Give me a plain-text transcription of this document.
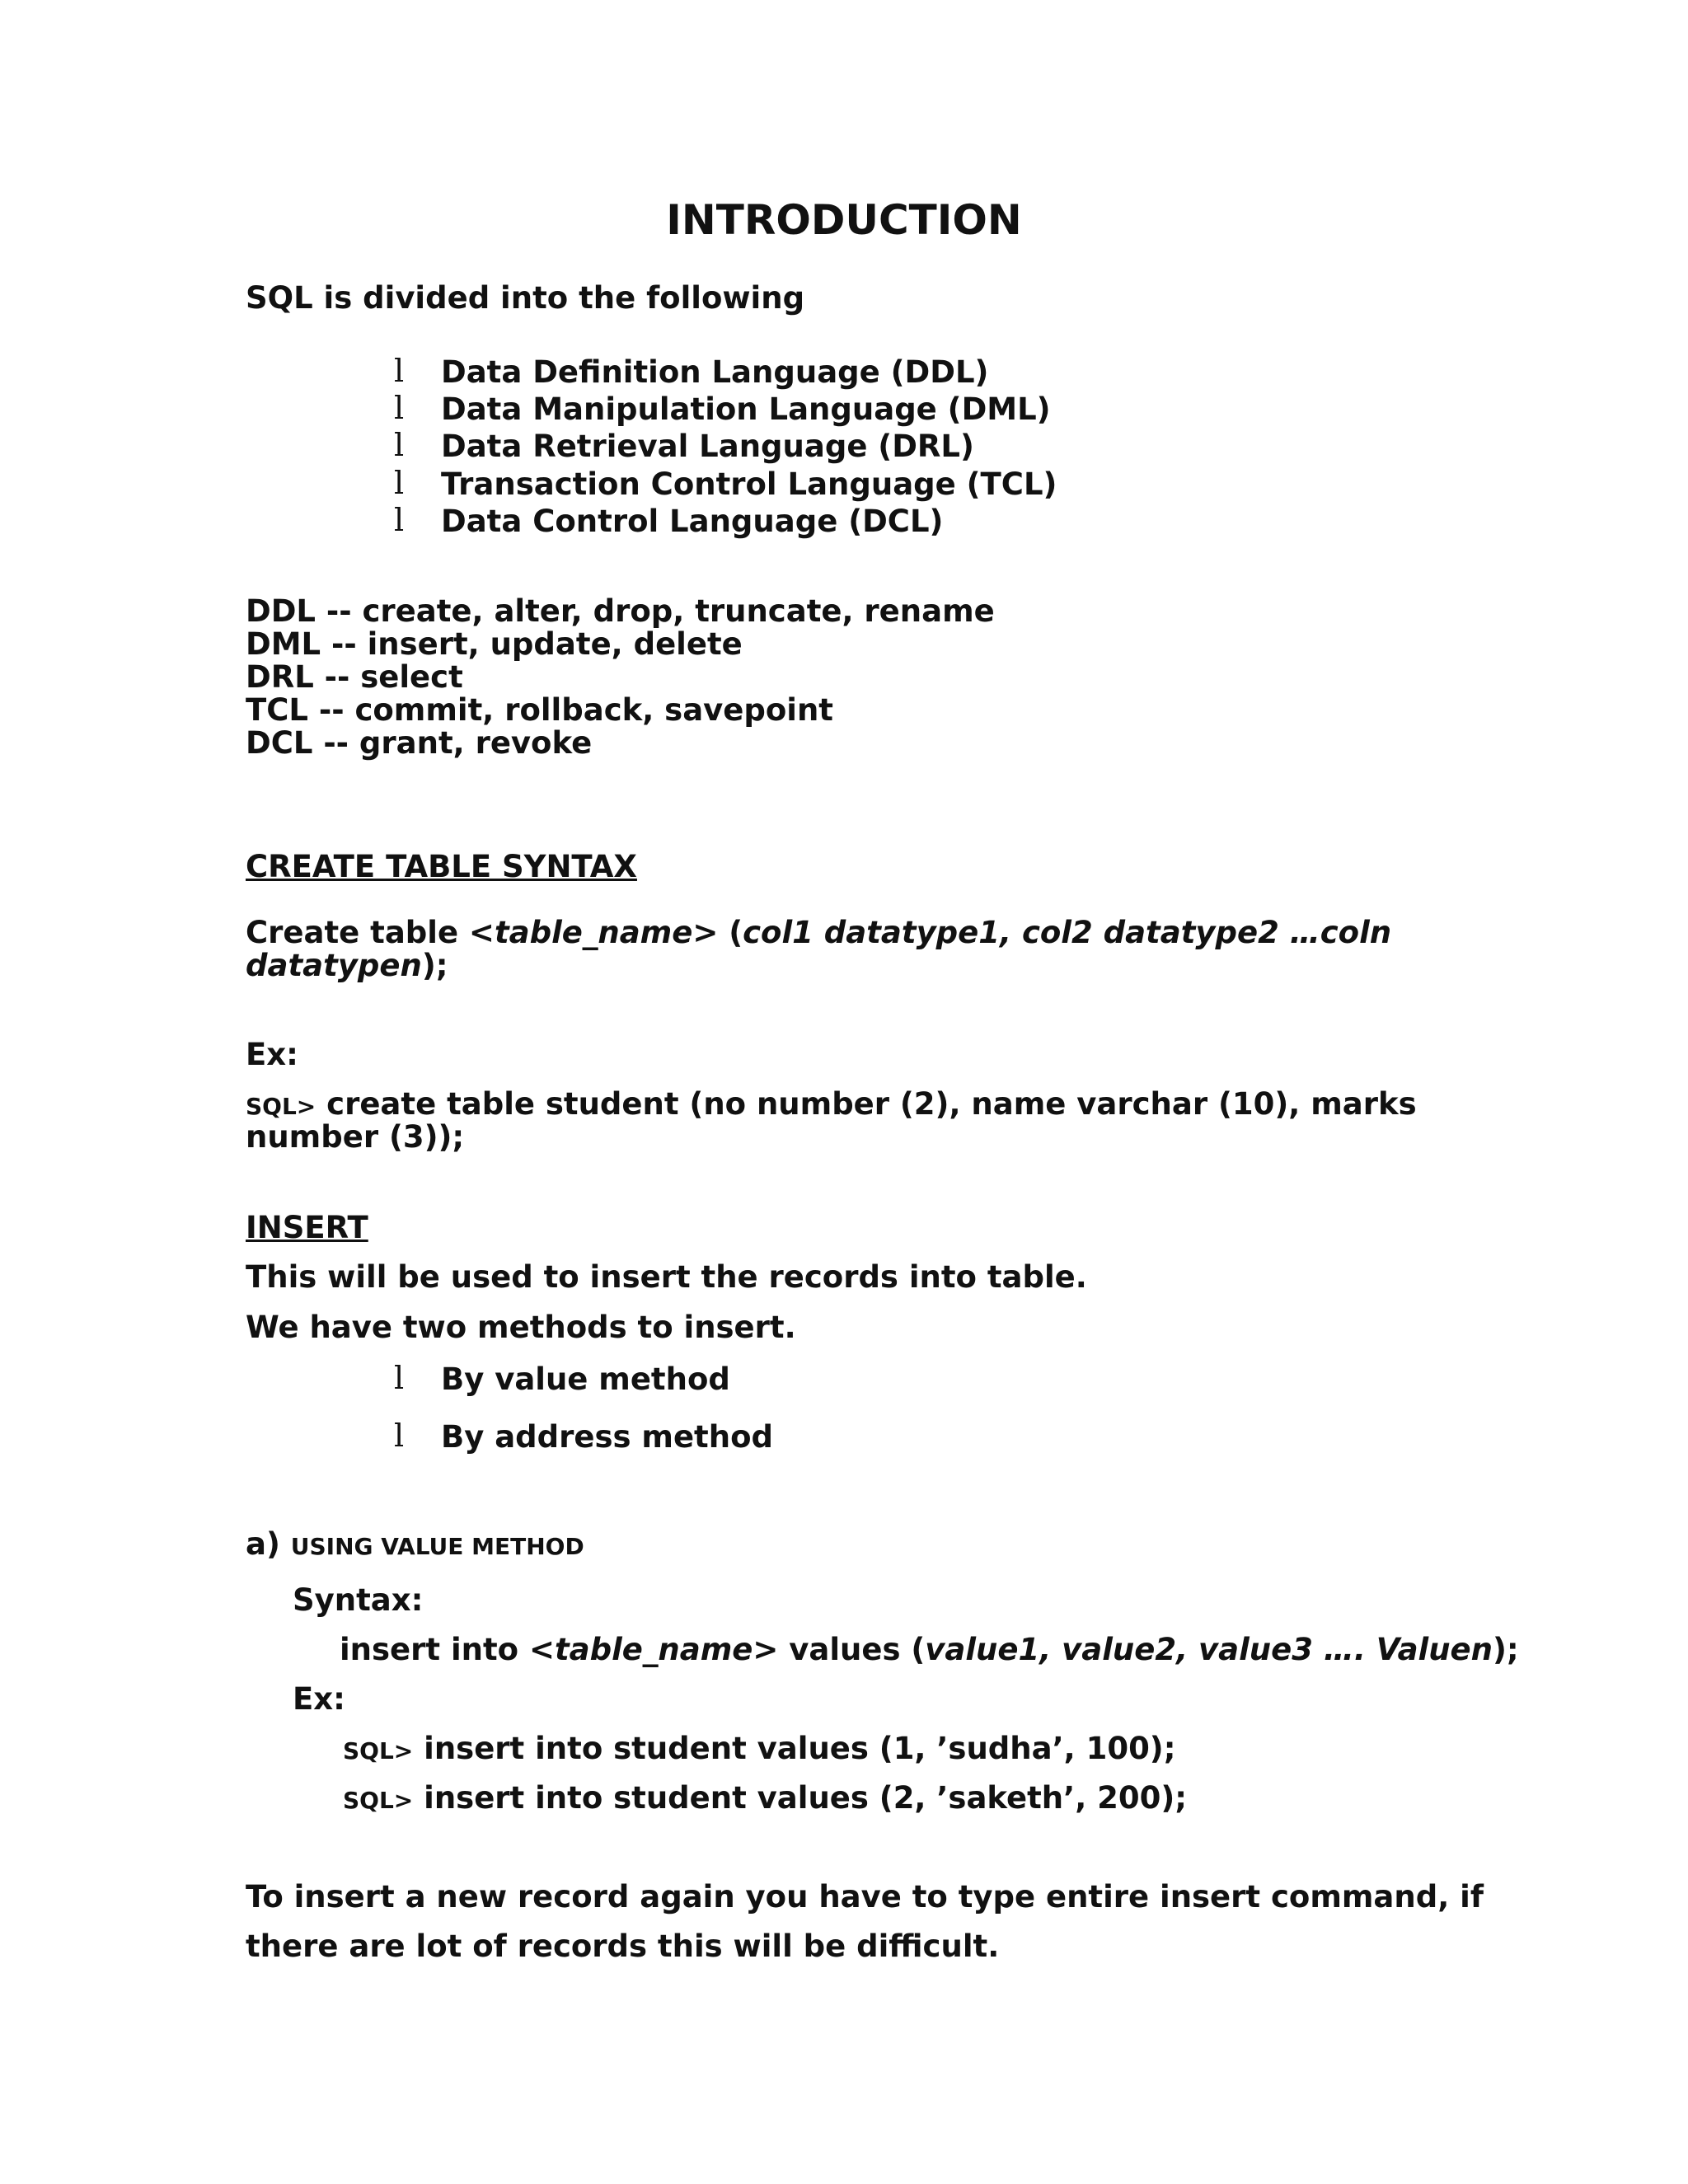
INTRODUCTION
SQL is divided into the following
l Data Definition Language (DDL)
l Data Manipulation Language (DML)
l Data Retrieval Language (DRL)
l Transaction Control Language (TCL)
l Data Control Language (DCL)
DDL -- create, alter, drop, truncate, rename
DML -- insert, update, delete
DRL -- select
TCL -- commit, rollback, savepoint
DCL -- grant, revoke
CREATE TABLE SYNTAX
Create table <table_name> (col1 datatype1, col2 datatype2 …coln
datatypen);
Ex:
SQL> create table student (no number (2), name varchar (10), marks
number (3));
INSERT
This will be used to insert the records into table.
We have two methods to insert.
l By value method
l By address method
a) USING VALUE METHOD
Syntax:
insert into <table_name> values (value1, value2, value3 …. Valuen);
Ex:
SQL> insert into student values (1, ’sudha’, 100);
SQL> insert into student values (2, ’saketh’, 200);
To insert a new record again you have to type entire insert command, if
there are lot of records this will be difficult.
